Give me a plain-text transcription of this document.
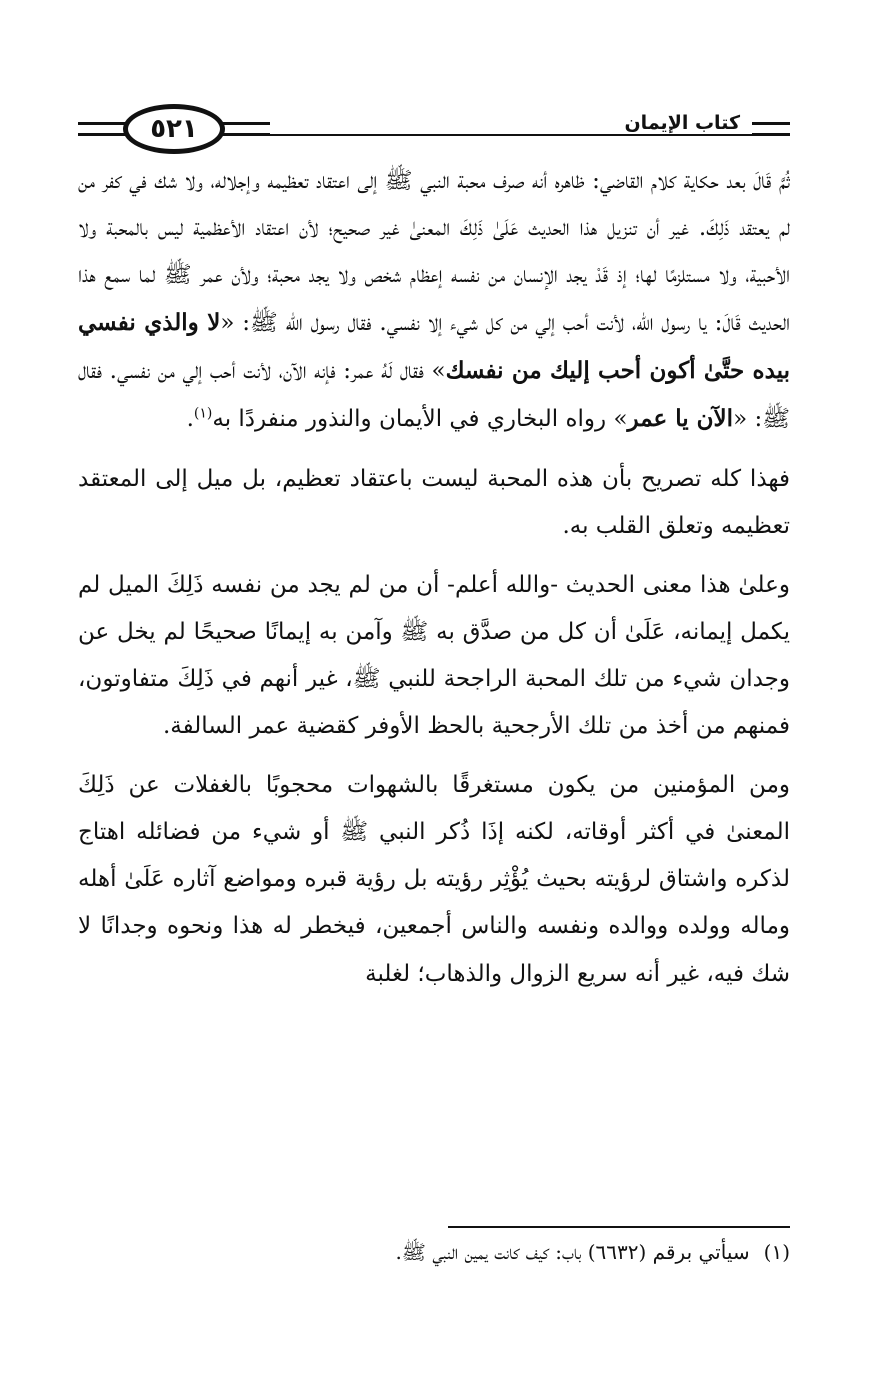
٥٢١	كتاب الإيمان

ثُمَّ قَالَ بعد حكاية كلام القاضي: ظاهره أنه صرف محبة النبي ﷺ إلى اعتقاد تعظيمه وإجلاله، ولا شك في كفر من لم يعتقد ذَلِكَ. غير أن تنزيل هذا الحديث عَلَىٰ ذَلِكَ المعنىٰ غير صحيح؛ لأن اعتقاد الأعظمية ليس بالمحبة ولا الأحبية، ولا مستلزمًا لها؛ إذ قَدْ يجد الإنسان من نفسه إعظام شخص ولا يجد محبة؛ ولأن عمر ﷺ لما سمع هذا الحديث قَالَ: يا رسول الله، لأنت أحب إلي من كل شيء إلا نفسي. فقال رسول الله ﷺ: «لا والذي نفسي بيده حتَّىٰ أكون أحب إليك من نفسك» فقال لَهُ عمر: فإنه الآن، لأنت أحب إلي من نفسي. فقال ﷺ: «الآن يا عمر» رواه البخاري في الأيمان والنذور منفردًا به$^{(١)}$.

فهذا كله تصريح بأن هذه المحبة ليست باعتقاد تعظيم، بل ميل إلى المعتقد تعظيمه وتعلق القلب به.

وعلىٰ هذا معنى الحديث -والله أعلم- أن من لم يجد من نفسه ذَلِكَ الميل لم يكمل إيمانه، عَلَىٰ أن كل من صدَّق به ﷺ وآمن به إيمانًا صحيحًا لم يخل عن وجدان شيء من تلك المحبة الراجحة للنبي ﷺ، غير أنهم في ذَلِكَ متفاوتون، فمنهم من أخذ من تلك الأرجحية بالحظ الأوفر كقضية عمر السالفة.

ومن المؤمنين من يكون مستغرقًا بالشهوات محجوبًا بالغفلات عن ذَلِكَ المعنىٰ في أكثر أوقاته، لكنه إذَا ذُكر النبي ﷺ أو شيء من فضائله اهتاج لذكره واشتاق لرؤيته بحيث يُؤْثِر رؤيته بل رؤية قبره ومواضع آثاره عَلَىٰ أهله وماله وولده ووالده ونفسه والناس أجمعين، فيخطر له هذا ونحوه وجدانًا لا شك فيه، غير أنه سريع الزوال والذهاب؛ لغلبة

(١)سيأتي برقم (٦٦٣٢) باب: كيف كانت يمين النبي ﷺ.
